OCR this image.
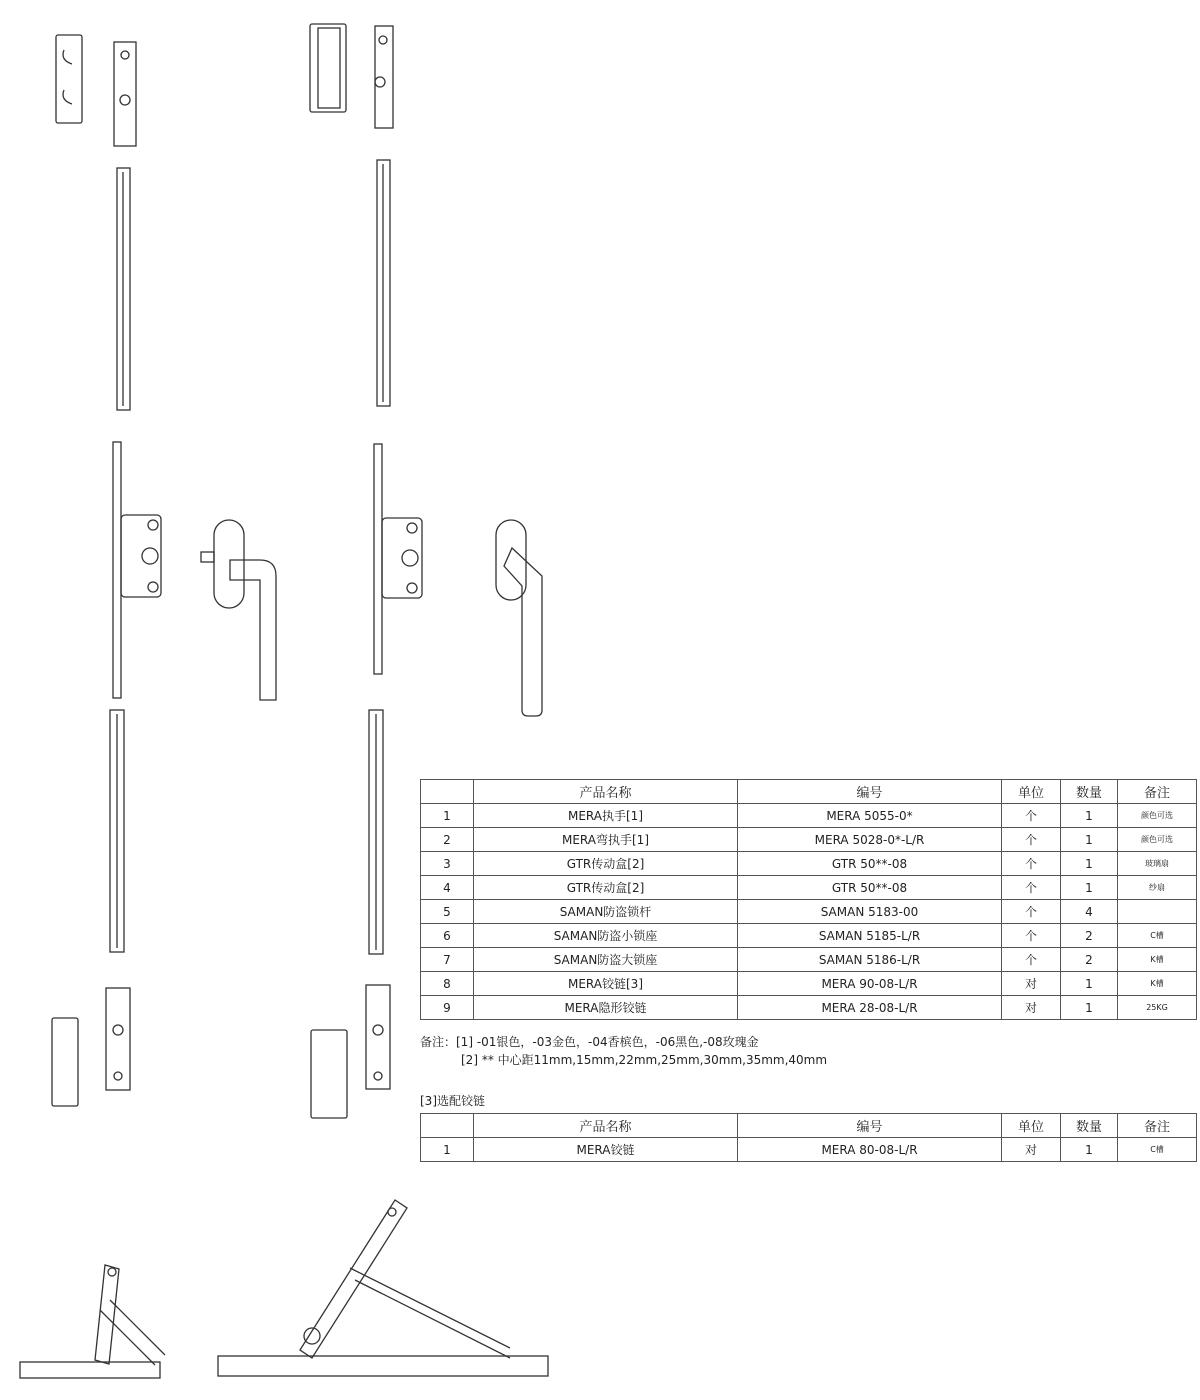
	产品名称	编号	单位	数量	备注
1	MERA执手[1]	MERA 5055-0*	个	1	颜色可选
2	MERA弯执手[1]	MERA 5028-0*-L/R	个	1	颜色可选
3	GTR传动盒[2]	GTR 50**-08	个	1	玻璃扇
4	GTR传动盒[2]	GTR 50**-08	个	1	纱扇
5	SAMAN防盗锁杆	SAMAN 5183-00	个	4	
6	SAMAN防盗小锁座	SAMAN 5185-L/R	个	2	C槽
7	SAMAN防盗大锁座	SAMAN 5186-L/R	个	2	K槽
8	MERA铰链[3]	MERA 90-08-L/R	对	1	K槽
9	MERA隐形铰链	MERA 28-08-L/R	对	1	25KG
备注：[1] -01银色，-03金色，-04香槟色，-06黑色,-08玫瑰金
[2] ** 中心距11mm,15mm,22mm,25mm,30mm,35mm,40mm
[3]选配铰链
	产品名称	编号	单位	数量	备注
1	MERA铰链	MERA 80-08-L/R	对	1	C槽
